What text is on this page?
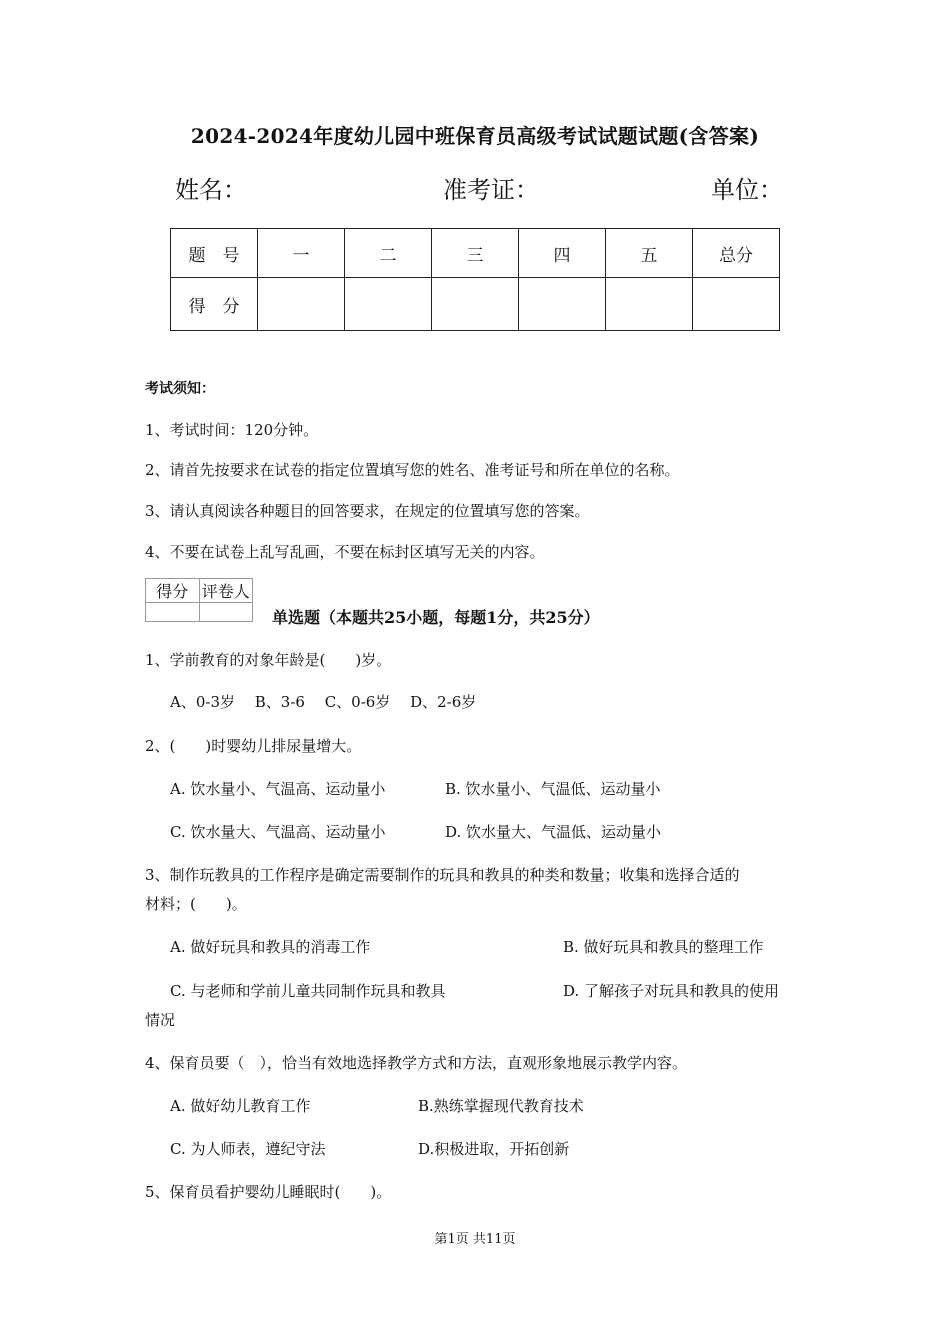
2024-2024年度幼儿园中班保育员高级考试试题试题(含答案)
姓名：	准考证：	单位：
题　号	一	二	三	四	五	总分
得　分						
考试须知：
1、考试时间：120分钟。
2、请首先按要求在试卷的指定位置填写您的姓名、准考证号和所在单位的名称。
3、请认真阅读各种题目的回答要求，在规定的位置填写您的答案。
4、不要在试卷上乱写乱画，不要在标封区填写无关的内容。
得分	评卷人

单选题（本题共25小题，每题1分，共25分）
1、学前教育的对象年龄是(　　)岁。
A、0-3岁　 B、3-6　 C、0-6岁　 D、2-6岁
2、(　　)时婴幼儿排尿量增大。
A. 饮水量小、气温高、运动量小	B. 饮水量小、气温低、运动量小
C. 饮水量大、气温高、运动量小	D. 饮水量大、气温低、运动量小
3、制作玩教具的工作程序是确定需要制作的玩具和教具的种类和数量；收集和选择合适的
材料；(　　)。
A. 做好玩具和教具的消毒工作	B. 做好玩具和教具的整理工作
C. 与老师和学前儿童共同制作玩具和教具	D. 了解孩子对玩具和教具的使用
情况
4、保育员要（　），恰当有效地选择教学方式和方法，直观形象地展示教学内容。
A. 做好幼儿教育工作	B.熟练掌握现代教育技术
C. 为人师表，遵纪守法	D.积极进取，开拓创新
5、保育员看护婴幼儿睡眠时(　　)。
第1页 共11页
